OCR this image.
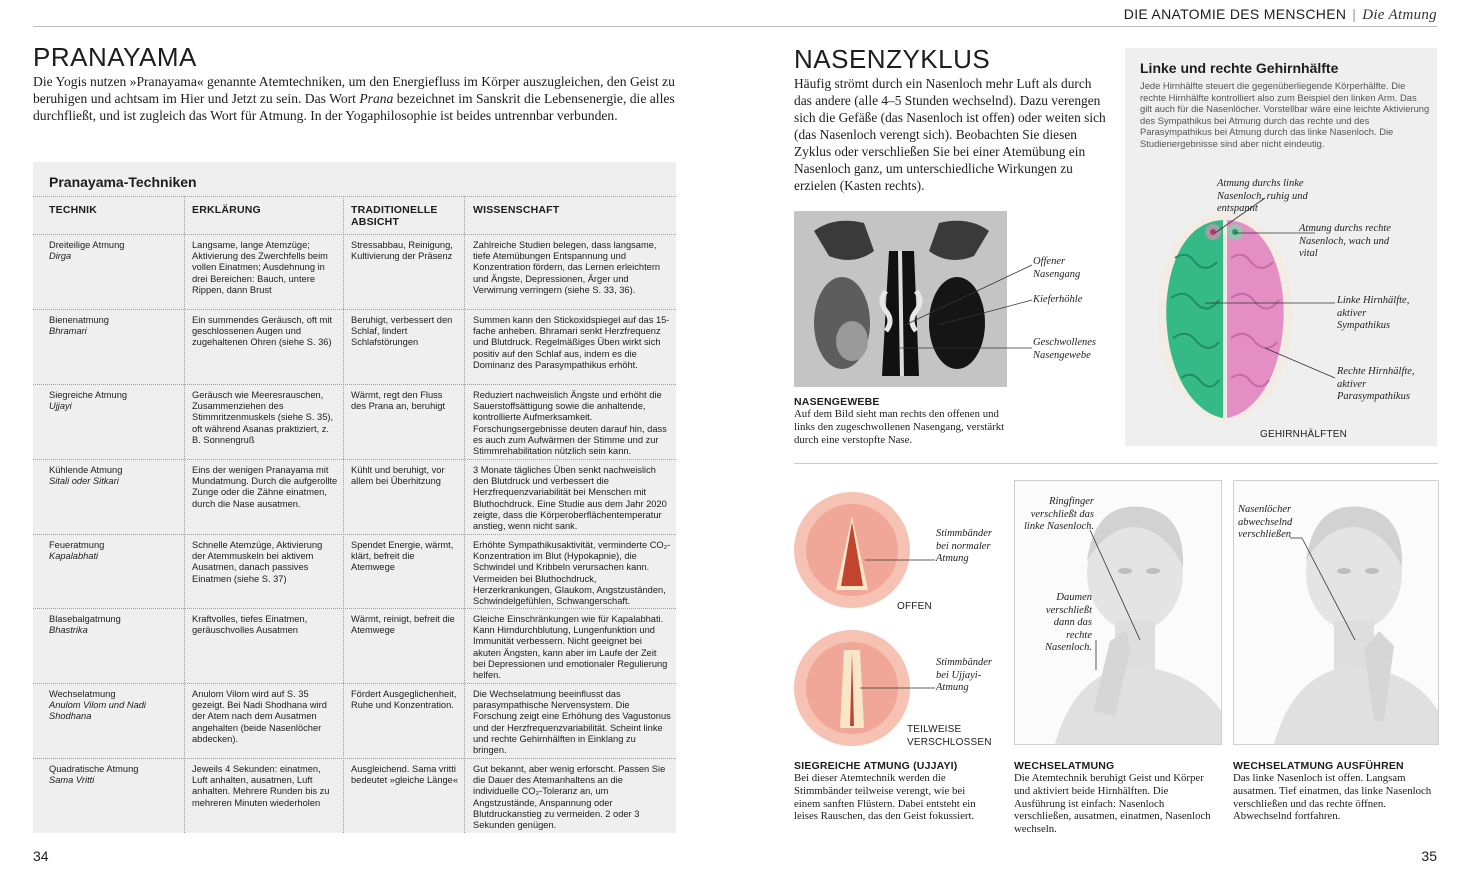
DIE ANATOMIE DES MENSCHEN | Die Atmung
PRANAYAMA

Die Yogis nutzen »Pranayama« genannte Atemtechniken, um den Energiefluss im Körper auszugleichen, den Geist zu beruhigen und achtsam im Hier und Jetzt zu sein. Das Wort Prana bezeichnet im Sanskrit die Lebensenergie, die alles durchfließt, und ist zugleich das Wort für Atmung. In der Yogaphilosophie ist beides untrennbar verbunden.

Pranayama-Techniken
TECHNIK	ERKLÄRUNG	TRADITIONELLE ABSICHT
WISSENSCHAFT
Dreiteilige Atmung
Dirga
Langsame, lange Atemzüge; Aktivierung des Zwerchfells beim vollen Einatmen; Ausdehnung in drei Bereichen: Bauch, untere Rippen, dann Brust
Stressabbau, Reinigung, Kultivierung der Präsenz
Zahlreiche Studien belegen, dass langsame, tiefe Atemübungen Entspannung und Konzentration fördern, das Lernen erleichtern und Ängste, Depressionen, Ärger und Verwirrung verringern (siehe S. 33, 36).
Bienenatmung
Bhramari
Ein summendes Geräusch, oft mit geschlossenen Augen und zugehaltenen Ohren (siehe S. 36)
Beruhigt, verbessert den Schlaf, lindert Schlafstörungen
Summen kann den Stickoxidspiegel auf das 15-fache anheben. Bhramari senkt Herzfrequenz und Blutdruck. Regelmäßiges Üben wirkt sich positiv auf den Schlaf aus, indem es die Dominanz des Parasympathikus erhöht.
Siegreiche Atmung
Ujjayi
Geräusch wie Meeresrauschen, Zusammenziehen des Stimmritzenmuskels (siehe S. 35), oft während Asanas praktiziert, z. B. Sonnengruß
Wärmt, regt den Fluss des Prana an, beruhigt
Reduziert nachweislich Ängste und erhöht die Sauerstoffsättigung sowie die anhaltende, kontrollierte Aufmerksamkeit. Forschungsergebnisse deuten darauf hin, dass es auch zum Aufwärmen der Stimme und zur Stimmrehabilitation nützlich sein kann.
Kühlende Atmung
Sitali oder Sitkari
Eins der wenigen Pranayama mit Mundatmung. Durch die aufgerollte Zunge oder die Zähne einatmen, durch die Nase ausatmen.
Kühlt und beruhigt, vor allem bei Überhitzung
3 Monate tägliches Üben senkt nachweislich den Blutdruck und verbessert die Herzfrequenzvariabilität bei Menschen mit Bluthochdruck. Eine Studie aus dem Jahr 2020 zeigte, dass die Körperoberflächentemperatur anstieg, wenn nicht sank.
Feueratmung
Kapalabhati
Schnelle Atemzüge, Aktivierung der Atemmuskeln bei aktivem Ausatmen, danach passives Einatmen (siehe S. 37)
Spendet Energie, wärmt, klärt, befreit die Atemwege
Erhöhte Sympathikusaktivität, verminderte CO₂-Konzentration im Blut (Hypokapnie), die Schwindel und Kribbeln verursachen kann. Vermeiden bei Bluthochdruck, Herzerkrankungen, Glaukom, Angstzuständen, Schwindelgefühlen, Schwangerschaft.
Blasebalgatmung
Bhastrika
Kraftvolles, tiefes Einatmen, geräuschvolles Ausatmen
Wärmt, reinigt, befreit die Atemwege
Gleiche Einschränkungen wie für Kapalabhati. Kann Hirndurchblutung, Lungenfunktion und Immunität verbessern. Nicht geeignet bei akuten Ängsten, kann aber im Laufe der Zeit bei Depressionen und emotionaler Regulierung helfen.
Wechselatmung
Anulom Vilom und Nadi Shodhana
Anulom Vilom wird auf S. 35 gezeigt. Bei Nadi Shodhana wird der Atem nach dem Ausatmen angehalten (beide Nasenlöcher abdecken).
Fördert Ausgeglichenheit, Ruhe und Konzentration.
Die Wechselatmung beeinflusst das parasympathische Nervensystem. Die Forschung zeigt eine Erhöhung des Vagustonus und der Herzfrequenzvariabilität. Scheint linke und rechte Gehirnhälften in Einklang zu bringen.
Quadratische Atmung
Sama Vritti
Jeweils 4 Sekunden: einatmen, Luft anhalten, ausatmen, Luft anhalten. Mehrere Runden bis zu mehreren Minuten wiederholen
Ausgleichend. Sama vritti bedeutet »gleiche Länge«
Gut bekannt, aber wenig erforscht. Passen Sie die Dauer des Atemanhaltens an die individuelle CO₂-Toleranz an, um Angstzustände, Anspannung oder Blutdruckanstieg zu vermeiden. 2 oder 3 Sekunden genügen.
34
NASENZYKLUS
Häufig strömt durch ein Nasenloch mehr Luft als durch das andere (alle 4–5 Stunden wechselnd). Dazu verengen sich die Gefäße (das Nasenloch ist offen) oder weiten sich (das Nasenloch verengt sich). Beobachten Sie diesen Zyklus oder verschließen Sie bei einer Atemübung ein Nasenloch ganz, um unterschiedliche Wirkungen zu erzielen (Kasten rechts).
Offener Nasengang
Kieferhöhle
Geschwollenes Nasengewebe
NASENGEWEBE
Auf dem Bild sieht man rechts den offenen und links den zugeschwollenen Nasengang, verstärkt durch eine verstopfte Nase.
Linke und rechte Gehirnhälfte
Jede Hirnhälfte steuert die gegenüberliegende Körperhälfte. Die rechte Hirnhälfte kontrolliert also zum Beispiel den linken Arm. Das gilt auch für die Nasenlöcher. Vorstellbar wäre eine leichte Aktivierung des Sympathikus bei Atmung durch das rechte und des Parasympathikus bei Atmung durch das linke Nasenloch. Die Studienergebnisse sind aber nicht eindeutig.
Atmung durchs linke Nasenloch, ruhig und entspannt
Atmung durchs rechte Nasenloch, wach und vital
Linke Hirnhälfte, aktiver Sympathikus
Rechte Hirnhälfte, aktiver Parasympathikus
GEHIRNHÄLFTEN
Stimmbänder bei normaler Atmung
OFFEN
Stimmbänder bei Ujjayi-Atmung
TEILWEISE
VERSCHLOSSEN
SIEGREICHE ATMUNG (UJJAYI)
Bei dieser Atemtechnik werden die Stimmbänder teilweise verengt, wie bei einem sanften Flüstern. Dabei entsteht ein leises Rauschen, das den Geist fokussiert.
Ringfinger verschließt das linke Nasenloch.
Daumen verschließt dann das rechte Nasenloch.
WECHSELATMUNG
Die Atemtechnik beruhigt Geist und Körper und aktiviert beide Hirnhälften. Die Ausführung ist einfach: Nasenloch verschließen, ausatmen, einatmen, Nasenloch wechseln.
Nasenlöcher abwechselnd verschließen
WECHSELATMUNG AUSFÜHREN
Das linke Nasenloch ist offen. Langsam ausatmen. Tief einatmen, das linke Nasenloch verschließen und das rechte öffnen. Abwechselnd fortfahren.
35
